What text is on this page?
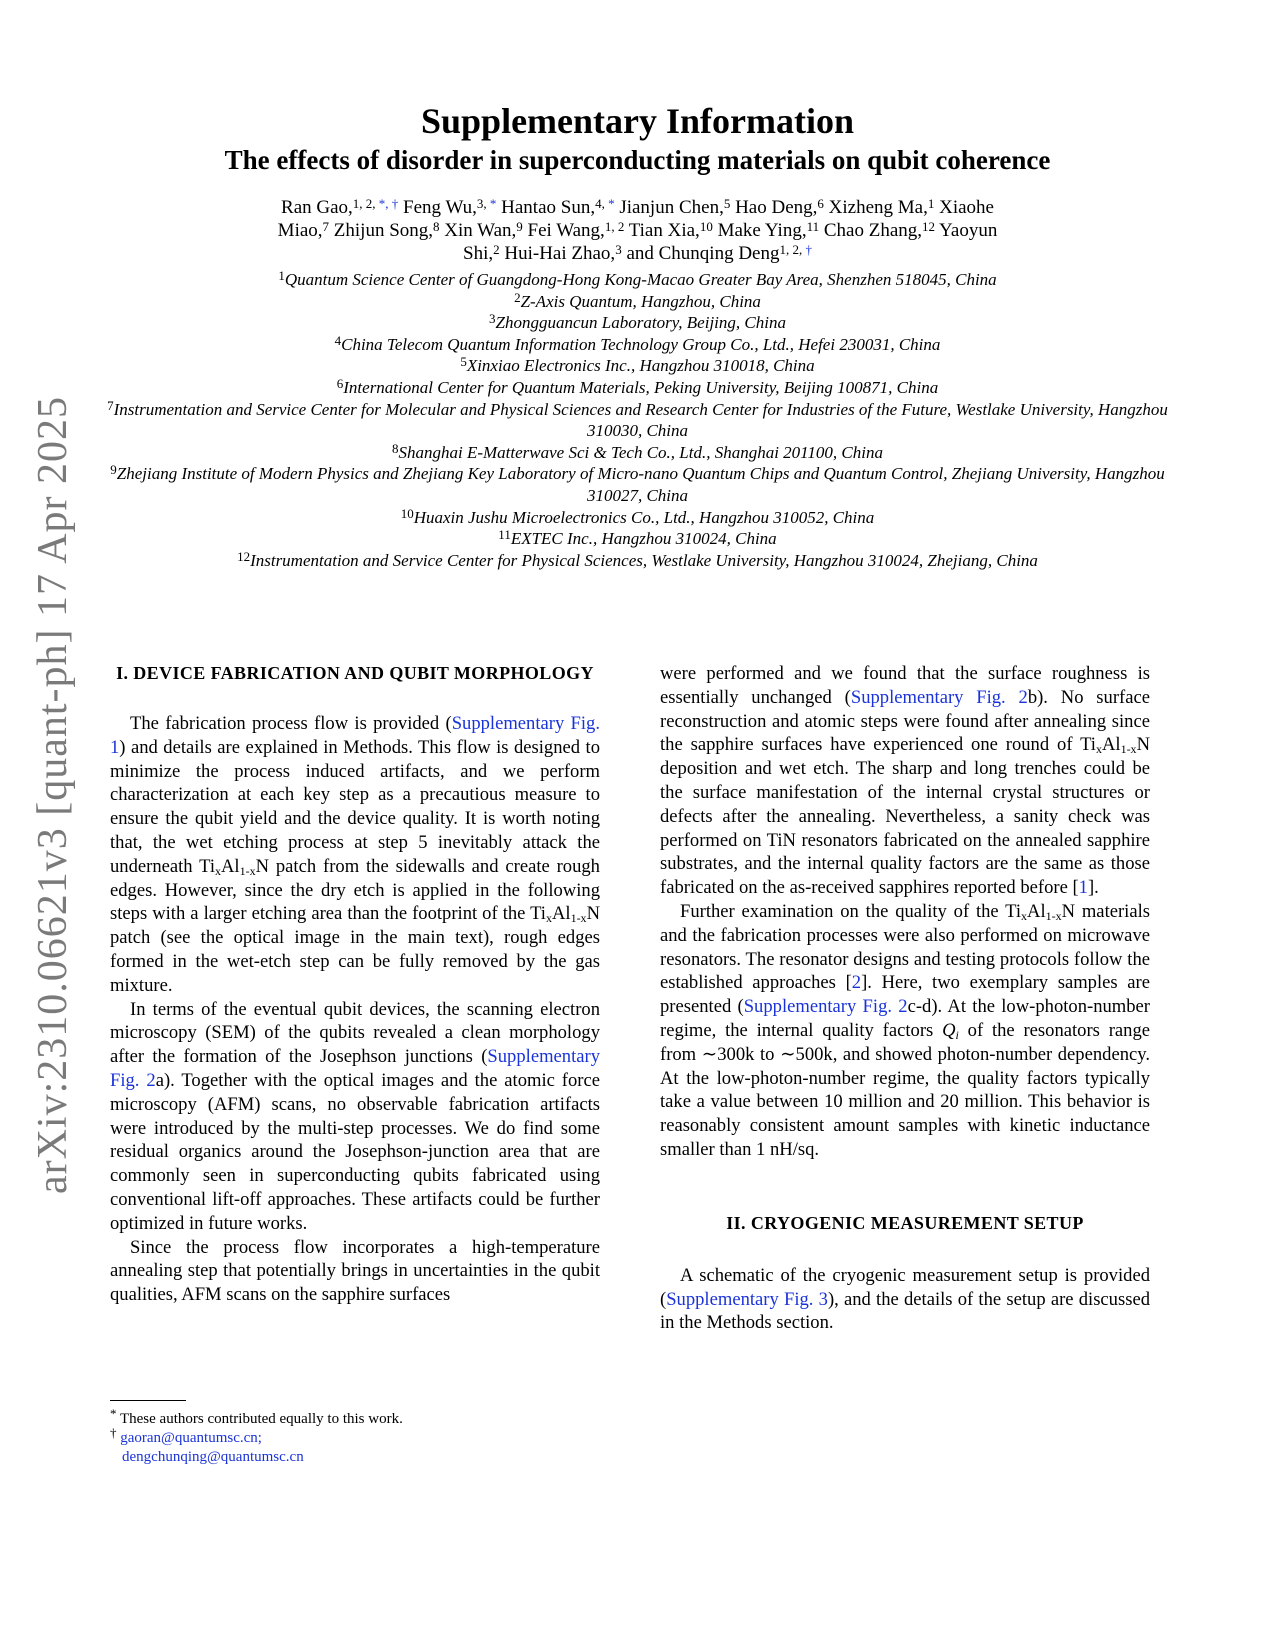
arXiv:2310.06621v3 [quant-ph] 17 Apr 2025
Supplementary Information
The effects of disorder in superconducting materials on qubit coherence
Ran Gao,$^{1, 2, *, \dagger}$ Feng Wu,$^{3, *}$ Hantao Sun,$^{4, *}$ Jianjun Chen,$^5$ Hao Deng,$^6$ Xizheng Ma,$^1$ Xiaohe Miao,$^7$ Zhijun Song,$^8$ Xin Wan,$^9$ Fei Wang,$^{1, 2}$ Tian Xia,$^{10}$ Make Ying,$^{11}$ Chao Zhang,$^{12}$ Yaoyun Shi,$^2$ Hui-Hai Zhao,$^3$ and Chunqing Deng$^{1, 2, \dagger}$
$^1$Quantum Science Center of Guangdong-Hong Kong-Macao Greater Bay Area, Shenzhen 518045, China
$^2$Z-Axis Quantum, Hangzhou, China
$^3$Zhongguancun Laboratory, Beijing, China
$^4$China Telecom Quantum Information Technology Group Co., Ltd., Hefei 230031, China
$^5$Xinxiao Electronics Inc., Hangzhou 310018, China
$^6$International Center for Quantum Materials, Peking University, Beijing 100871, China
$^7$Instrumentation and Service Center for Molecular and Physical Sciences and Research Center for Industries of the Future, Westlake University, Hangzhou 310030, China
$^8$Shanghai E-Matterwave Sci & Tech Co., Ltd., Shanghai 201100, China
$^9$Zhejiang Institute of Modern Physics and Zhejiang Key Laboratory of Micro-nano Quantum Chips and Quantum Control, Zhejiang University, Hangzhou 310027, China
$^{10}$Huaxin Jushu Microelectronics Co., Ltd., Hangzhou 310052, China
$^{11}$EXTEC Inc., Hangzhou 310024, China
$^{12}$Instrumentation and Service Center for Physical Sciences, Westlake University, Hangzhou 310024, Zhejiang, China
I. DEVICE FABRICATION AND QUBIT MORPHOLOGY

The fabrication process flow is provided (Supplementary Fig. 1) and details are explained in Methods. This flow is designed to minimize the process induced artifacts, and we perform characterization at each key step as a precautious measure to ensure the qubit yield and the device quality. It is worth noting that, the wet etching process at step 5 inevitably attack the underneath $Ti_xAl_{1-x}N$ patch from the sidewalls and create rough edges. However, since the dry etch is applied in the following steps with a larger etching area than the footprint of the $Ti_xAl_{1-x}N$ patch (see the optical image in the main text), rough edges formed in the wet-etch step can be fully removed by the gas mixture.

In terms of the eventual qubit devices, the scanning electron microscopy (SEM) of the qubits revealed a clean morphology after the formation of the Josephson junctions (Supplementary Fig. 2a). Together with the optical images and the atomic force microscopy (AFM) scans, no observable fabrication artifacts were introduced by the multi-step processes. We do find some residual organics around the Josephson-junction area that are commonly seen in superconducting qubits fabricated using conventional lift-off approaches. These artifacts could be further optimized in future works.

Since the process flow incorporates a high-temperature annealing step that potentially brings in uncertainties in the qubit qualities, AFM scans on the sapphire surfaces

were performed and we found that the surface roughness is essentially unchanged (Supplementary Fig. 2b). No surface reconstruction and atomic steps were found after annealing since the sapphire surfaces have experienced one round of $Ti_xAl_{1-x}N$ deposition and wet etch. The sharp and long trenches could be the surface manifestation of the internal crystal structures or defects after the annealing. Nevertheless, a sanity check was performed on TiN resonators fabricated on the annealed sapphire substrates, and the internal quality factors are the same as those fabricated on the as-received sapphires reported before [1].

Further examination on the quality of the $Ti_xAl_{1-x}N$ materials and the fabrication processes were also performed on microwave resonators. The resonator designs and testing protocols follow the established approaches [2]. Here, two exemplary samples are presented (Supplementary Fig. 2c-d). At the low-photon-number regime, the internal quality factors $Q_i$ of the resonators range from ∼300k to ∼500k, and showed photon-number dependency. At the low-photon-number regime, the quality factors typically take a value between 10 million and 20 million. This behavior is reasonably consistent amount samples with kinetic inductance smaller than 1 nH/sq.

II. CRYOGENIC MEASUREMENT SETUP

A schematic of the cryogenic measurement setup is provided (Supplementary Fig. 3), and the details of the setup are discussed in the Methods section.

* These authors contributed equally to this work.
† gaoran@quantumsc.cn;
dengchunqing@quantumsc.cn
